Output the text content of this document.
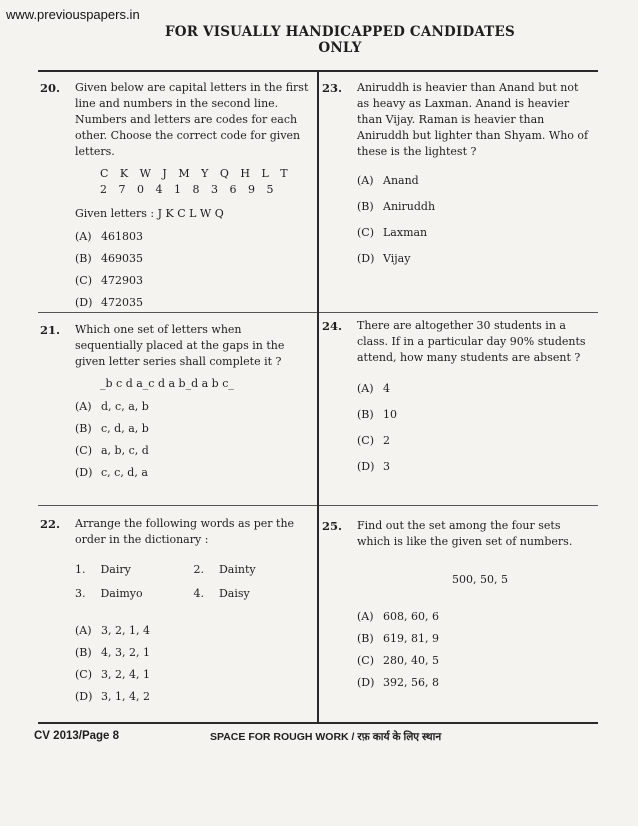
www.previouspapers.in
FOR VISUALLY HANDICAPPED CANDIDATES ONLY
20. Given below are capital letters in the first line and numbers in the second line. Numbers and letters are codes for each other. Choose the correct code for given letters.
C K W J M Y Q H L T
2 7 0 4 1 8 3 6 9 5
Given letters : J K C L W Q
(A) 461803
(B) 469035
(C) 472903
(D) 472035
21. Which one set of letters when sequentially placed at the gaps in the given letter series shall complete it ?
_b c d a_c d a b_d a b c_
(A) d, c, a, b
(B) c, d, a, b
(C) a, b, c, d
(D) c, c, d, a
22. Arrange the following words as per the order in the dictionary :
1.	Dairy	2.	Dainty
3.	Daimyo	4.	Daisy
(A) 3, 2, 1, 4
(B) 4, 3, 2, 1
(C) 3, 2, 4, 1
(D) 3, 1, 4, 2
23. Aniruddh is heavier than Anand but not as heavy as Laxman. Anand is heavier than Vijay. Raman is heavier than Aniruddh but lighter than Shyam. Who of these is the lightest ?
(A) Anand
(B) Aniruddh
(C) Laxman
(D) Vijay
24. There are altogether 30 students in a class. If in a particular day 90% students attend, how many students are absent ?
(A) 4
(B) 10
(C) 2
(D) 3
25. Find out the set among the four sets which is like the given set of numbers.
500, 50, 5
(A) 608, 60, 6
(B) 619, 81, 9
(C) 280, 40, 5
(D) 392, 56, 8
CV 2013/Page 8	SPACE FOR ROUGH WORK / रफ़ कार्य के लिए स्थान
